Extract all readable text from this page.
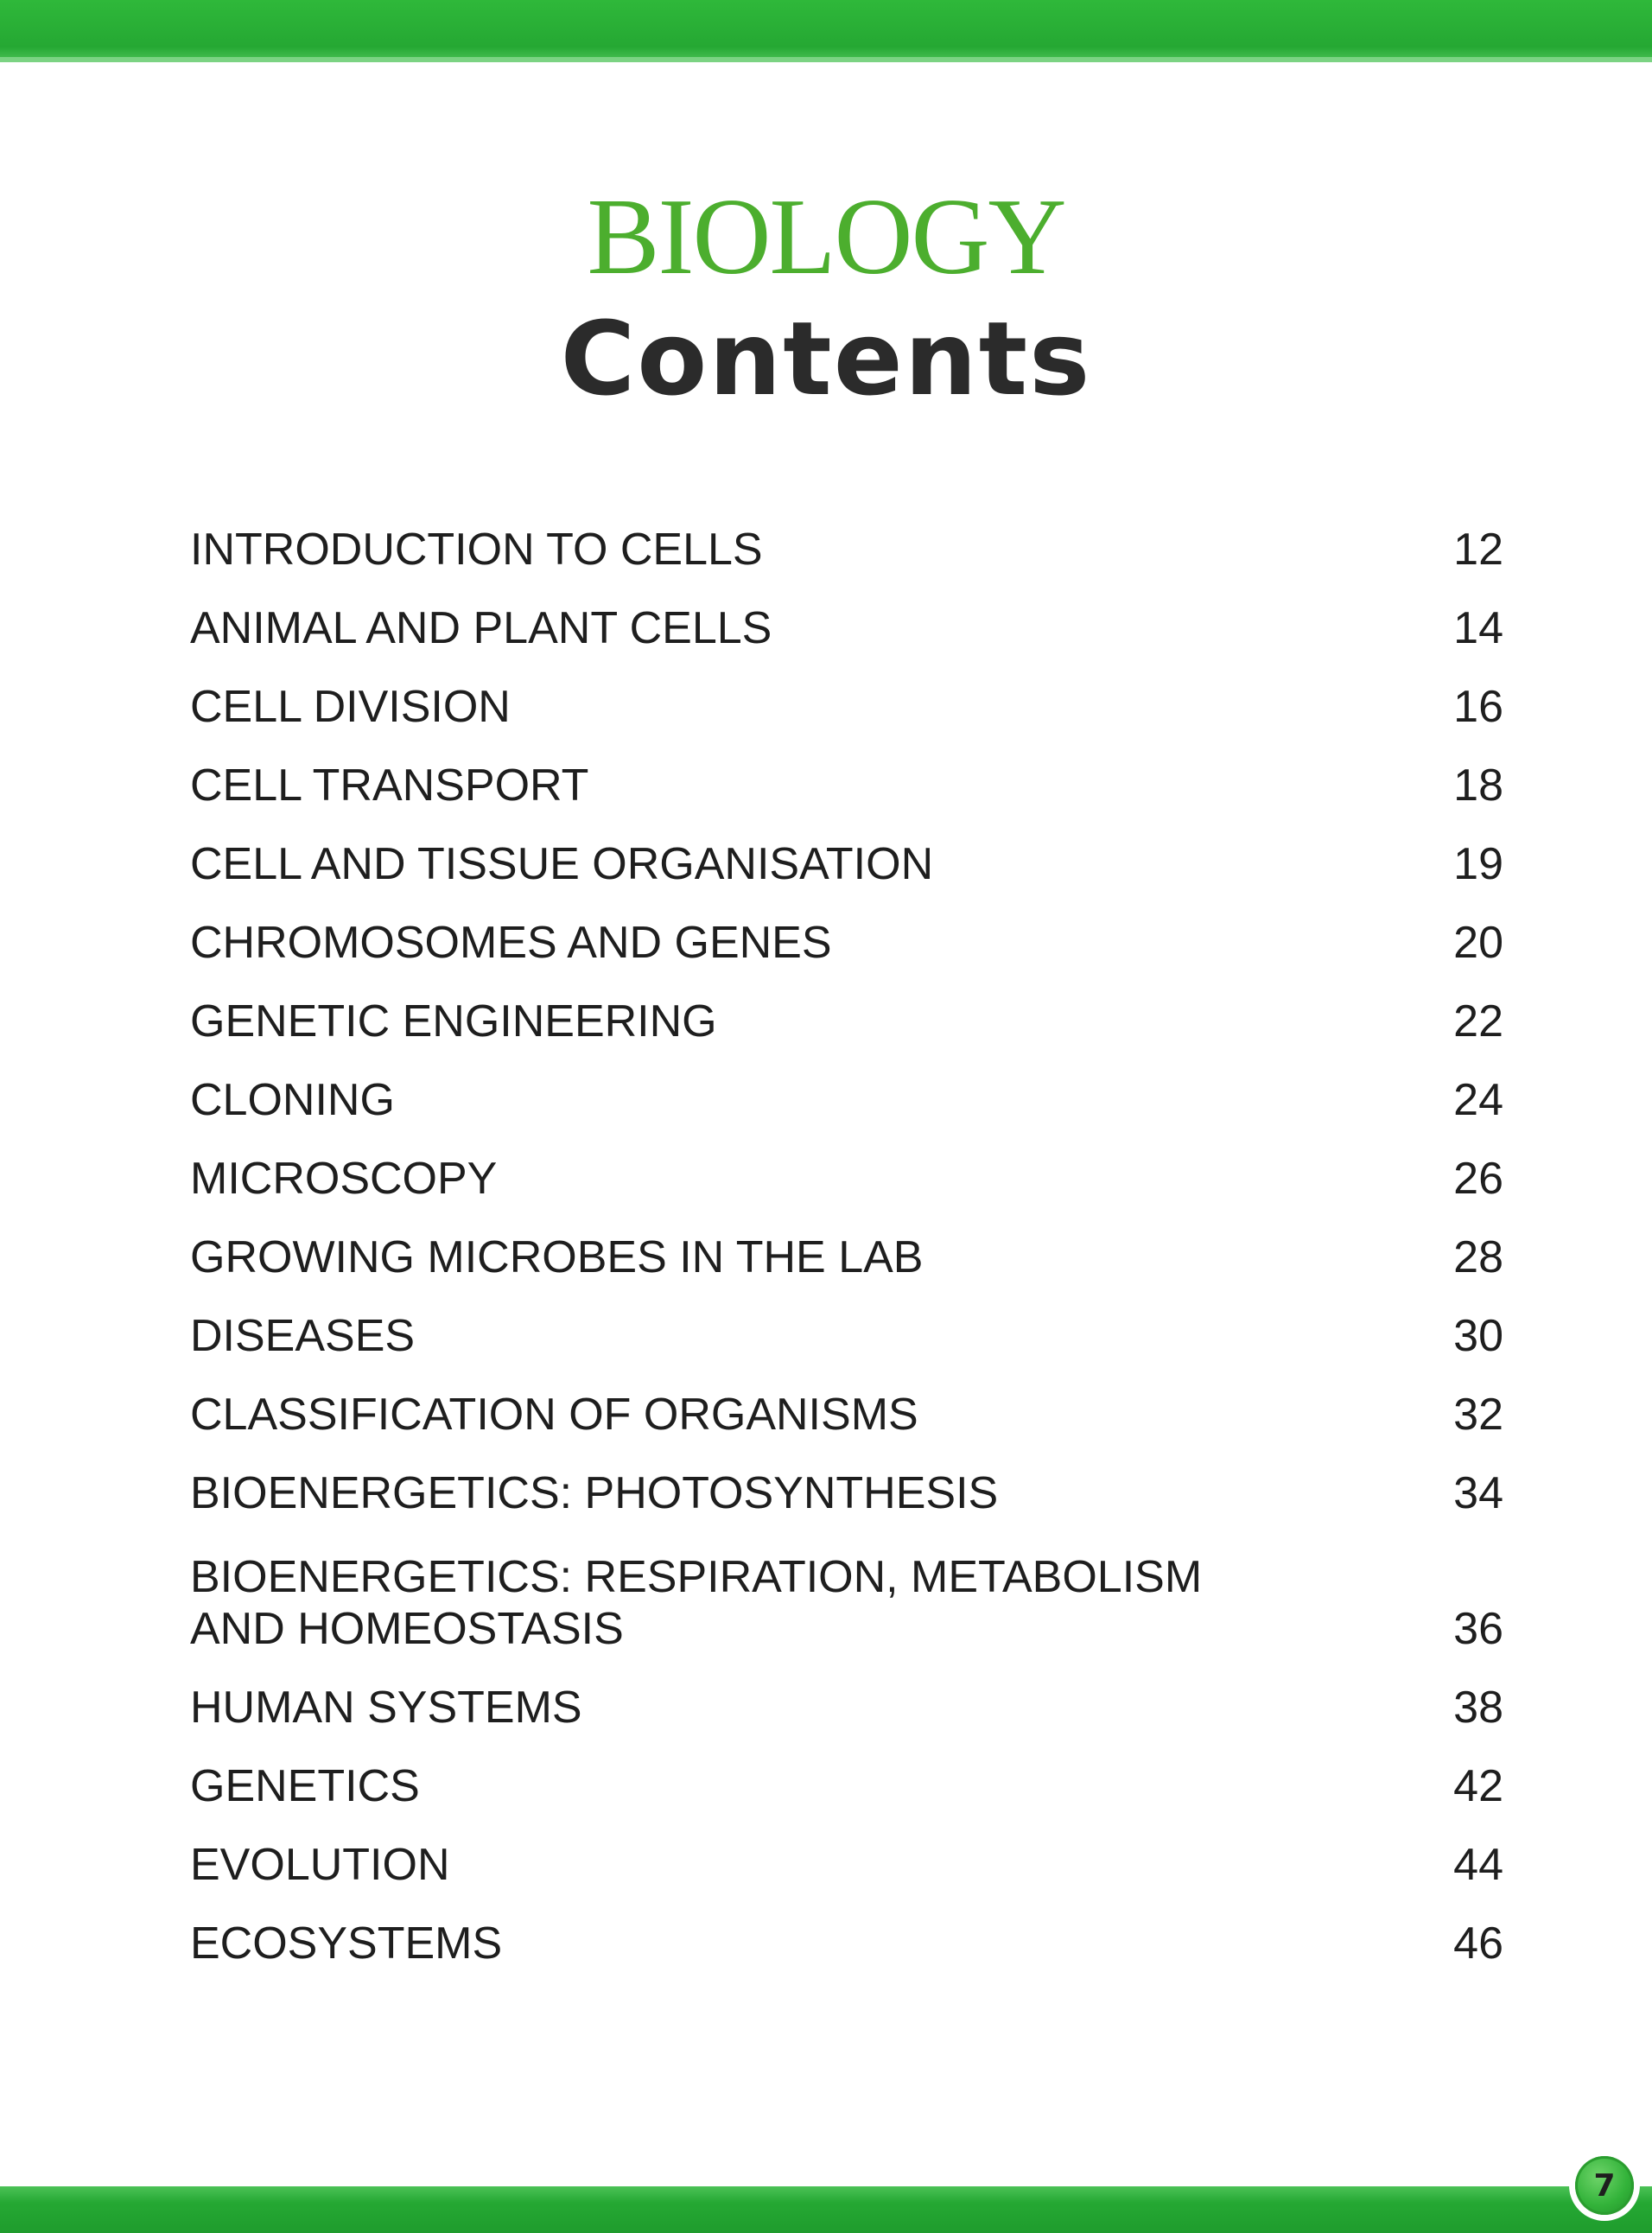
BIOLOGY
Contents
INTRODUCTION TO CELLS	12
ANIMAL AND PLANT CELLS	14
CELL DIVISION	16
CELL TRANSPORT	18
CELL AND TISSUE ORGANISATION	19
CHROMOSOMES AND GENES	20
GENETIC ENGINEERING	22
CLONING	24
MICROSCOPY	26
GROWING MICROBES IN THE LAB	28
DISEASES	30
CLASSIFICATION OF ORGANISMS	32
BIOENERGETICS: PHOTOSYNTHESIS	34
BIOENERGETICS: RESPIRATION, METABOLISM
AND HOMEOSTASIS	36
HUMAN SYSTEMS	38
GENETICS	42
EVOLUTION	44
ECOSYSTEMS	46
7
